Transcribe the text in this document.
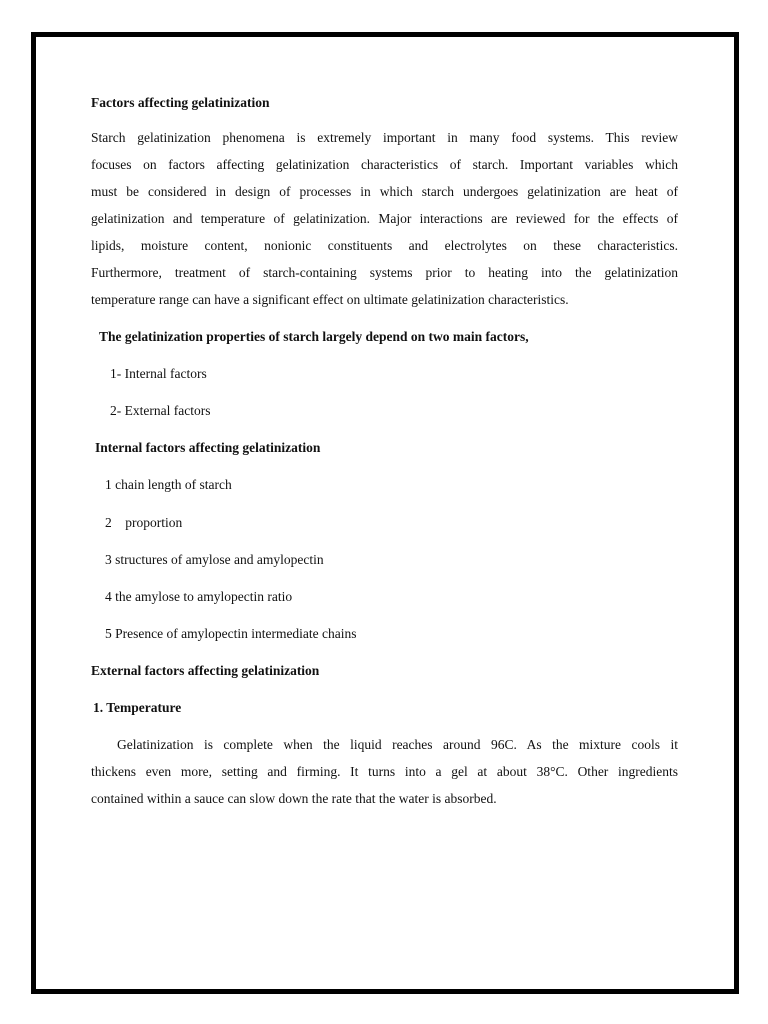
Factors affecting gelatinization
Starch gelatinization phenomena is extremely important in many food systems. This review
focuses on factors affecting gelatinization characteristics of starch. Important variables which
must be considered in design of processes in which starch undergoes gelatinization are heat of
gelatinization and temperature of gelatinization. Major interactions are reviewed for the effects of
lipids, moisture content, nonionic constituents and electrolytes on these characteristics.
Furthermore, treatment of starch-containing systems prior to heating into the gelatinization
temperature range can have a significant effect on ultimate gelatinization characteristics.
The gelatinization properties of starch largely depend on two main factors,
1- Internal factors
2- External factors
Internal factors affecting gelatinization
1 chain length of starch
2    proportion
3 structures of amylose and amylopectin
4 the amylose to amylopectin ratio
5 Presence of amylopectin intermediate chains
External factors affecting gelatinization
1. Temperature
Gelatinization is complete when the liquid reaches around 96C. As the mixture cools it
thickens even more, setting and firming. It turns into a gel at about 38°C. Other ingredients
contained within a sauce can slow down the rate that the water is absorbed.
